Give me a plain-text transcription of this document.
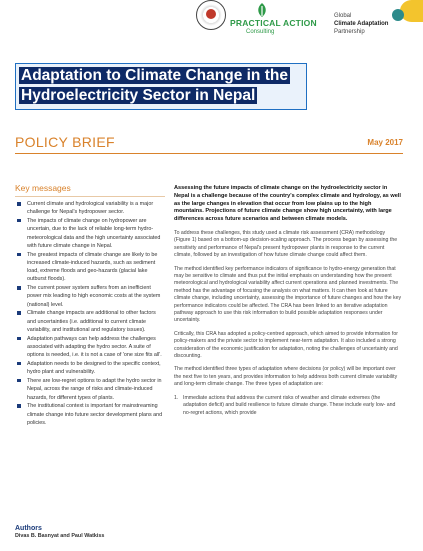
PRACTICAL ACTION
Consulting
Global
Climate Adaptation
Partnership
Adaptation to Climate Change in the
Hydroelectricity Sector in Nepal
POLICY BRIEF	May 2017
Key messages
Current climate and hydrological variability is a major challenge for Nepal's hydropower sector.
The impacts of climate change on hydropower are uncertain, due to the lack of reliable long-term hydro-meteorological data and the high uncertainty associated with future climate change in Nepal.
The greatest impacts of climate change are likely to be increased climate-induced hazards, such as sediment load, extreme floods and geo-hazards (glacial lake outburst floods).
The current power system suffers from an inefficient power mix leading to high economic costs at the system (national) level.
Climate change impacts are additional to other factors and uncertainties (i.e. additional to current climate variability, and institutional and regulatory issues).
Adaptation pathways can help address the challenges associated with adapting the hydro sector. A suite of options is needed, i.e. it is not a case of 'one size fits all'.
Adaptation needs to be designed to the specific context, hydro plant and vulnerability.
There are low-regret options to adapt the hydro sector in Nepal, across the range of risks and climate-induced hazards, for different types of plants.
The institutional context is important for mainstreaming climate change into future sector development plans and policies.
Authors
Divas B. Basnyat and Paul Watkiss

Assessing the future impacts of climate change on the hydroelectricity sector in Nepal is a challenge because of the country's complex climate and hydrology, as well as the large changes in elevation that occur from low plains up to the high mountains. Projections of future climate change show high uncertainty, with large differences across future scenarios and between climate models.

To address these challenges, this study used a climate risk assessment (CRA) methodology (Figure 1) based on a bottom-up decision-scaling approach. The process began by assessing the sensitivity and performance of Nepal's present hydropower plants in response to the current climate, followed by an investigation of how future climate change could affect them.

The method identified key performance indicators of significance to hydro-energy generation that may be sensitive to climate and thus put the initial emphasis on understanding how the present meteorological and hydrological variability affect current operations and planned investments. The method has the advantage of focusing the analysis on what matters. It can then look at future climate change, including uncertainty, assessing the importance of future changes and how the key performance indicators could be affected. The CRA has been linked to an iterative adaptation pathway approach to use this risk information to build possible adaptation responses under uncertainty.

Critically, this CRA has adopted a policy-centred approach, which aimed to provide information for policy-makers and the private sector to implement near-term adaptation. It also included a strong consideration of the economic justification for adaptation, noting the challenges of uncertainty and discounting.

The method identified three types of adaptation where decisions (or policy) will be important over the next five to ten years, and provides information to help address both current climate variability and long-term climate change. The three types of adaptation are:

1. Immediate actions that address the current risks of weather and climate extremes (the adaptation deficit) and build resilience to future climate change. These include early low- and no-regret actions, which provide
